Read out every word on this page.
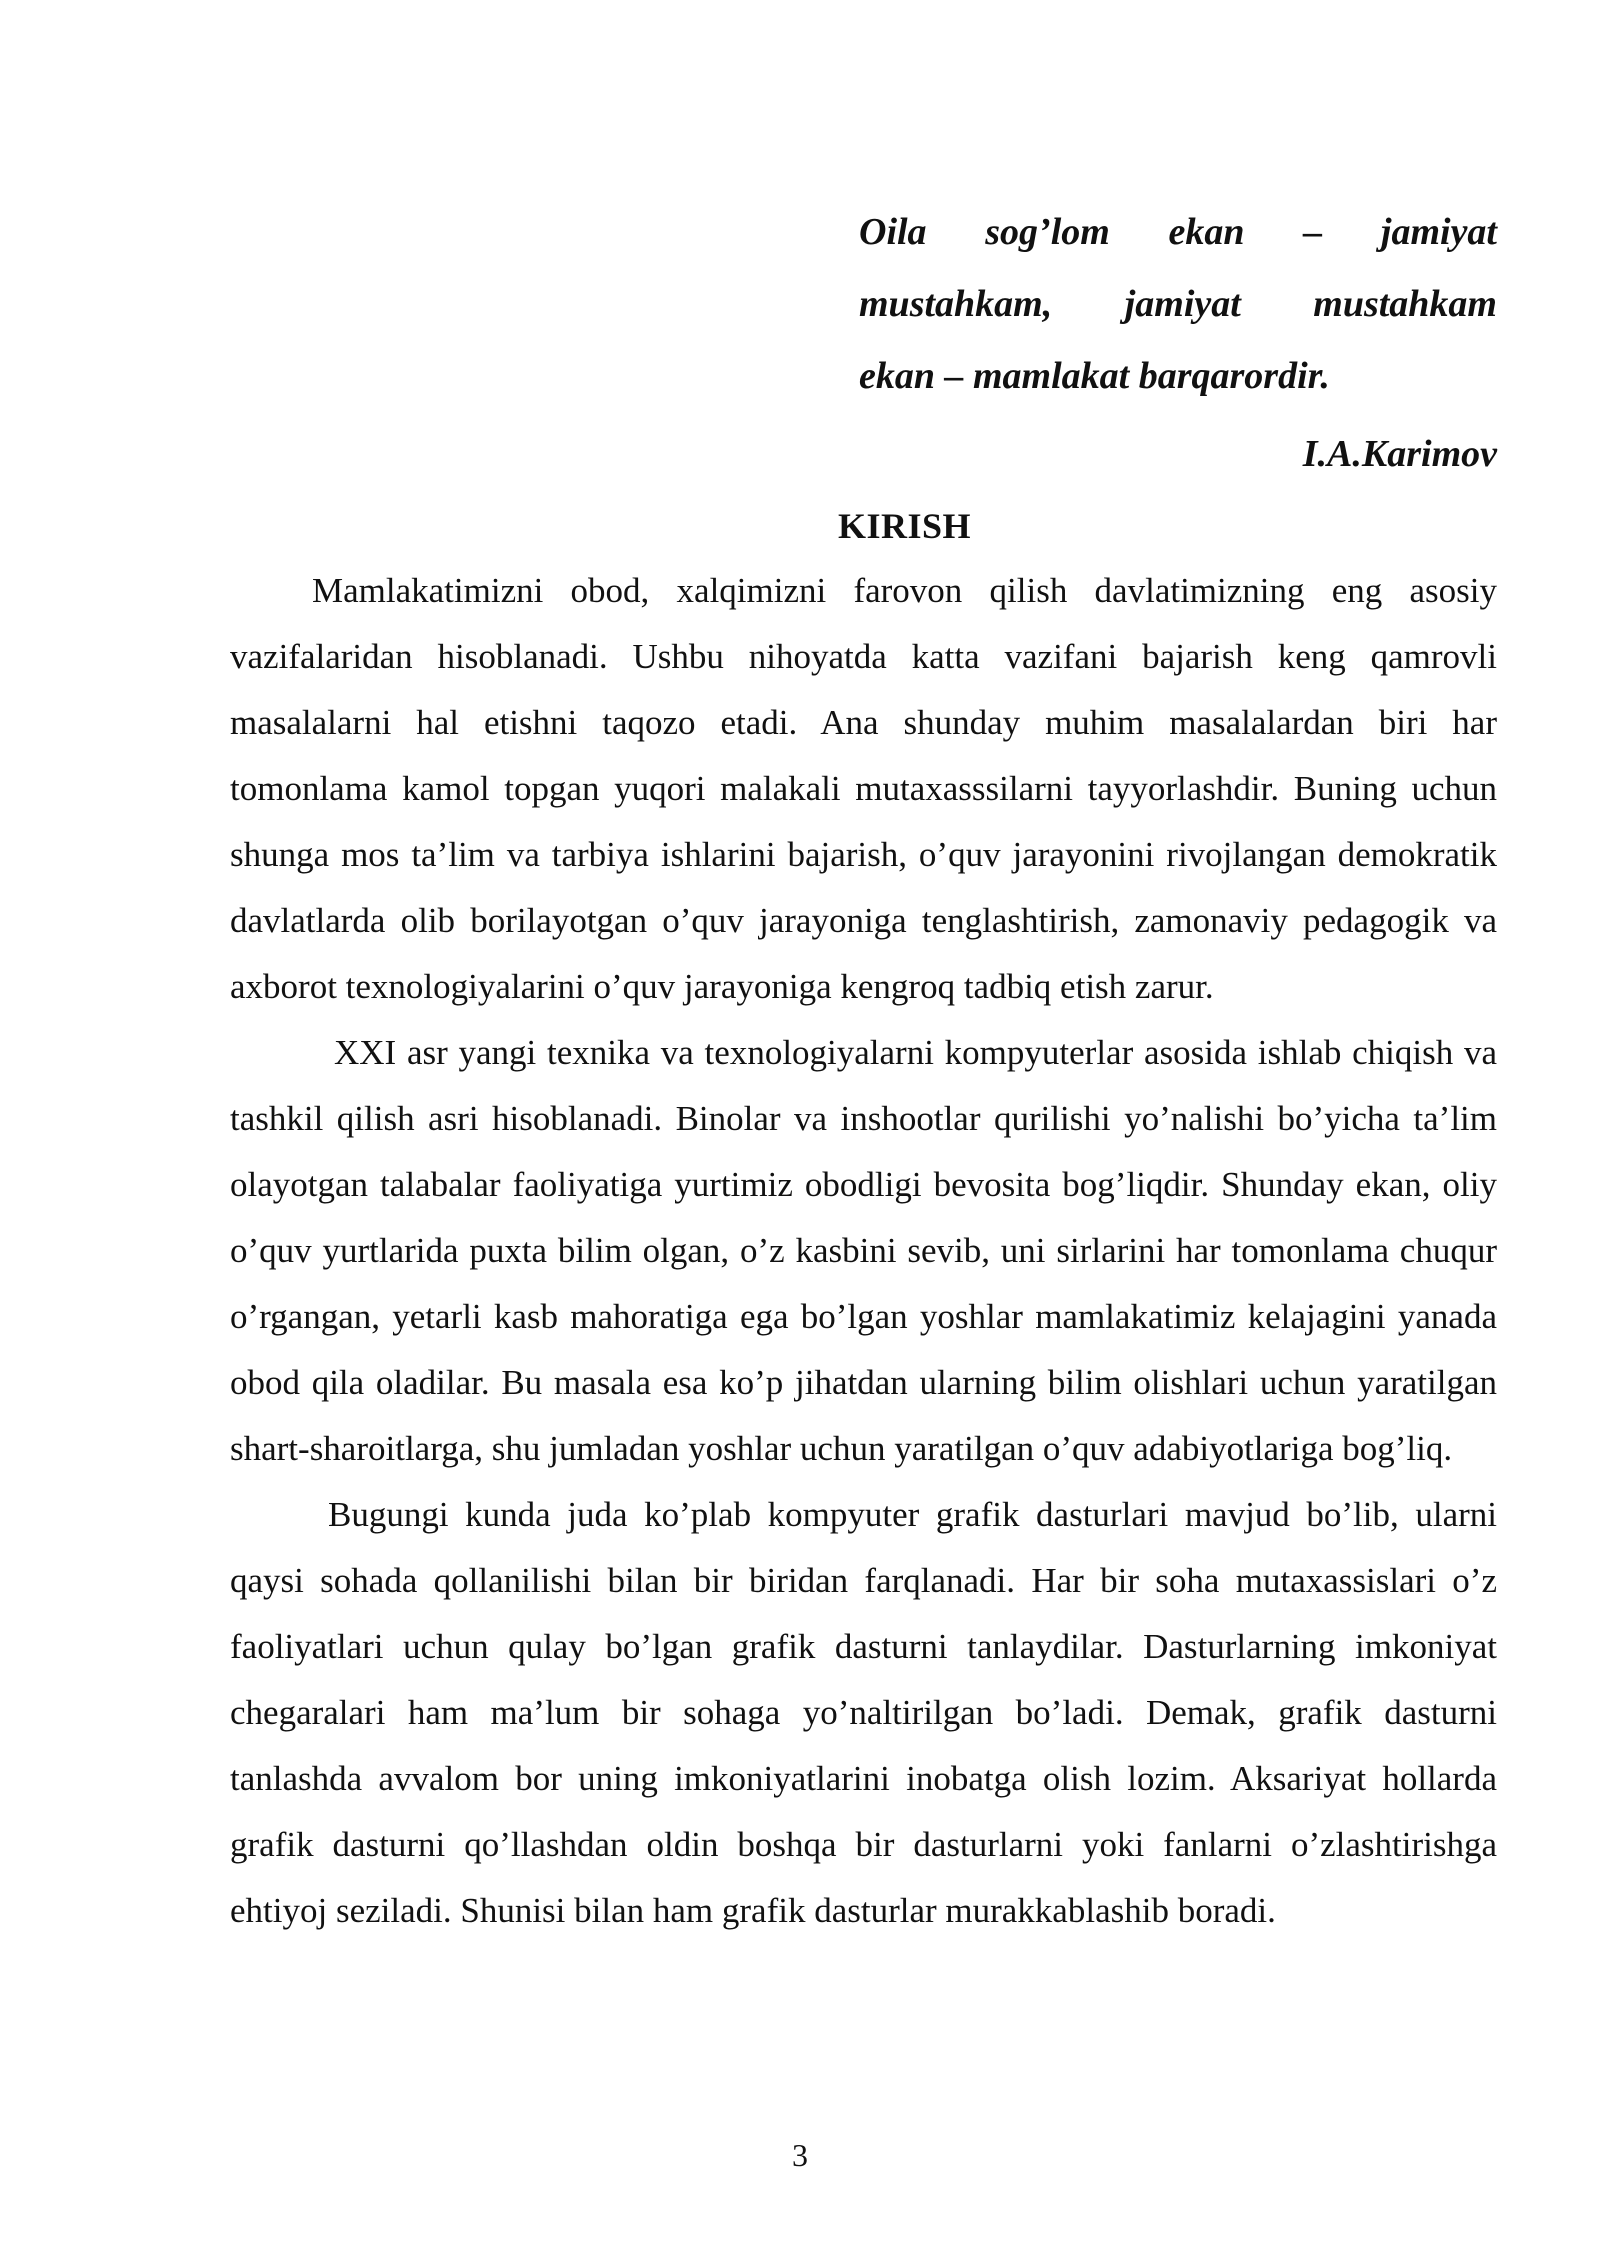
Oila sog’lom ekan – jamiyat
mustahkam, jamiyat mustahkam
ekan – mamlakat barqarordir.
I.A.Karimov
KIRISH

Mamlakatimizni obod, xalqimizni farovon qilish davlatimizning eng asosiy vazifalaridan hisoblanadi. Ushbu nihoyatda katta vazifani bajarish keng qamrovli masalalarni hal etishni taqozo etadi. Ana shunday muhim masalalardan biri har tomonlama kamol topgan yuqori malakali mutaxasssilarni tayyorlashdir. Buning uchun shunga mos ta’lim va tarbiya ishlarini bajarish, o’quv jarayonini rivojlangan demokratik davlatlarda olib borilayotgan o’quv jarayoniga tenglashtirish, zamonaviy pedagogik va axborot texnologiyalarini o’quv jarayoniga kengroq tadbiq etish zarur.

XXI asr yangi texnika va texnologiyalarni kompyuterlar asosida ishlab chiqish va tashkil qilish asri hisoblanadi. Binolar va inshootlar qurilishi yo’nalishi bo’yicha ta’lim olayotgan talabalar faoliyatiga yurtimiz obodligi bevosita bog’liqdir. Shunday ekan, oliy o’quv yurtlarida puxta bilim olgan, o’z kasbini sevib, uni sirlarini har tomonlama chuqur o’rgangan, yetarli kasb mahoratiga ega bo’lgan yoshlar mamlakatimiz kelajagini yanada obod qila oladilar. Bu masala esa ko’p jihatdan ularning bilim olishlari uchun yaratilgan shart-sharoitlarga, shu jumladan yoshlar uchun yaratilgan o’quv adabiyotlariga bog’liq.

Bugungi kunda juda ko’plab kompyuter grafik dasturlari mavjud bo’lib, ularni qaysi sohada qollanilishi bilan bir biridan farqlanadi. Har bir soha mutaxassislari o’z faoliyatlari uchun qulay bo’lgan grafik dasturni tanlaydilar. Dasturlarning imkoniyat chegaralari ham ma’lum bir sohaga yo’naltirilgan bo’ladi. Demak, grafik dasturni tanlashda avvalom bor uning imkoniyatlarini inobatga olish lozim. Aksariyat hollarda grafik dasturni qo’llashdan oldin boshqa bir dasturlarni yoki fanlarni o’zlashtirishga ehtiyoj seziladi. Shunisi bilan ham grafik dasturlar murakkablashib boradi.

3
